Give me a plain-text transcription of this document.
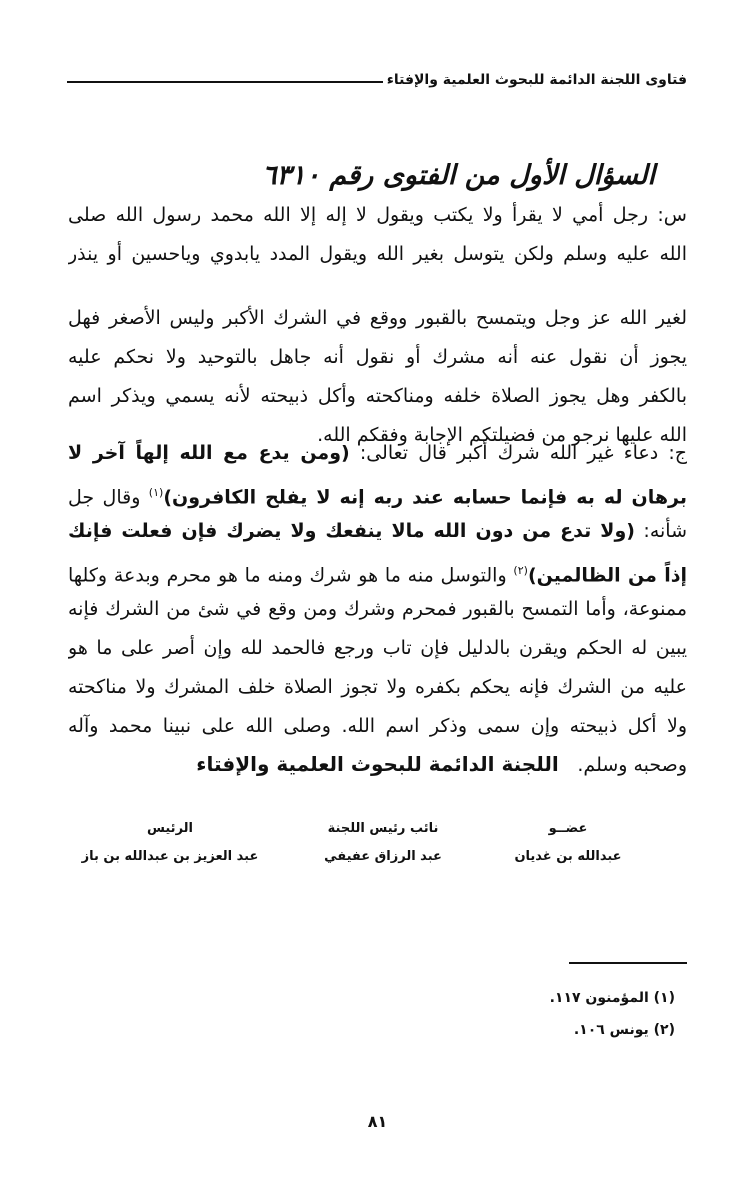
فتاوى اللجنة الدائمة للبحوث العلمية والإفتاء
السؤال الأول من الفتوى رقم ٦٣١٠
س: رجل أمي لا يقرأ ولا يكتب ويقول لا إله إلا الله محمد رسول الله صلى
الله عليه وسلم ولكن يتوسل بغير الله ويقول المدد يابدوي وياحسين أو ينذر
لغير الله عز وجل ويتمسح بالقبور ووقع في الشرك الأكبر وليس الأصغر فهل
يجوز أن نقول عنه أنه مشرك أو نقول أنه جاهل بالتوحيد ولا نحكم عليه
بالكفر وهل يجوز الصلاة خلفه ومناكحته وأكل ذبيحته لأنه يسمي ويذكر اسم
الله عليها نرجو من فضيلتكم الإجابة وفقكم الله.
ج: دعاء غير الله شرك أكبر قال تعالى: (ومن يدع مع الله إلهاً آخر لا
برهان له به فإنما حسابه عند ربه إنه لا يفلح الكافرون)$^{(١)}$ وقال جل
شأنه: (ولا تدع من دون الله مالا ينفعك ولا يضرك فإن فعلت فإنك
إذاً من الظالمين)$^{(٢)}$ والتوسل منه ما هو شرك ومنه ما هو محرم وبدعة وكلها
ممنوعة، وأما التمسح بالقبور فمحرم وشرك ومن وقع في شئ من الشرك فإنه
يبين له الحكم ويقرن بالدليل فإن تاب ورجع فالحمد لله وإن أصر على ما هو
عليه من الشرك فإنه يحكم بكفره ولا تجوز الصلاة خلف المشرك ولا مناكحته
ولا أكل ذبيحته وإن سمى وذكر اسم الله. وصلى الله على نبينا محمد وآله
وصحبه وسلم.
اللجنة الدائمة للبحوث العلمية والإفتاء
الرئيس
عبد العزيز بن عبدالله بن باز
نائب رئيس اللجنة
عبد الرزاق عفيفي
عضــو
عبدالله بن غديان
(١) المؤمنون ١١٧.
(٢) يونس ١٠٦.
٨١
